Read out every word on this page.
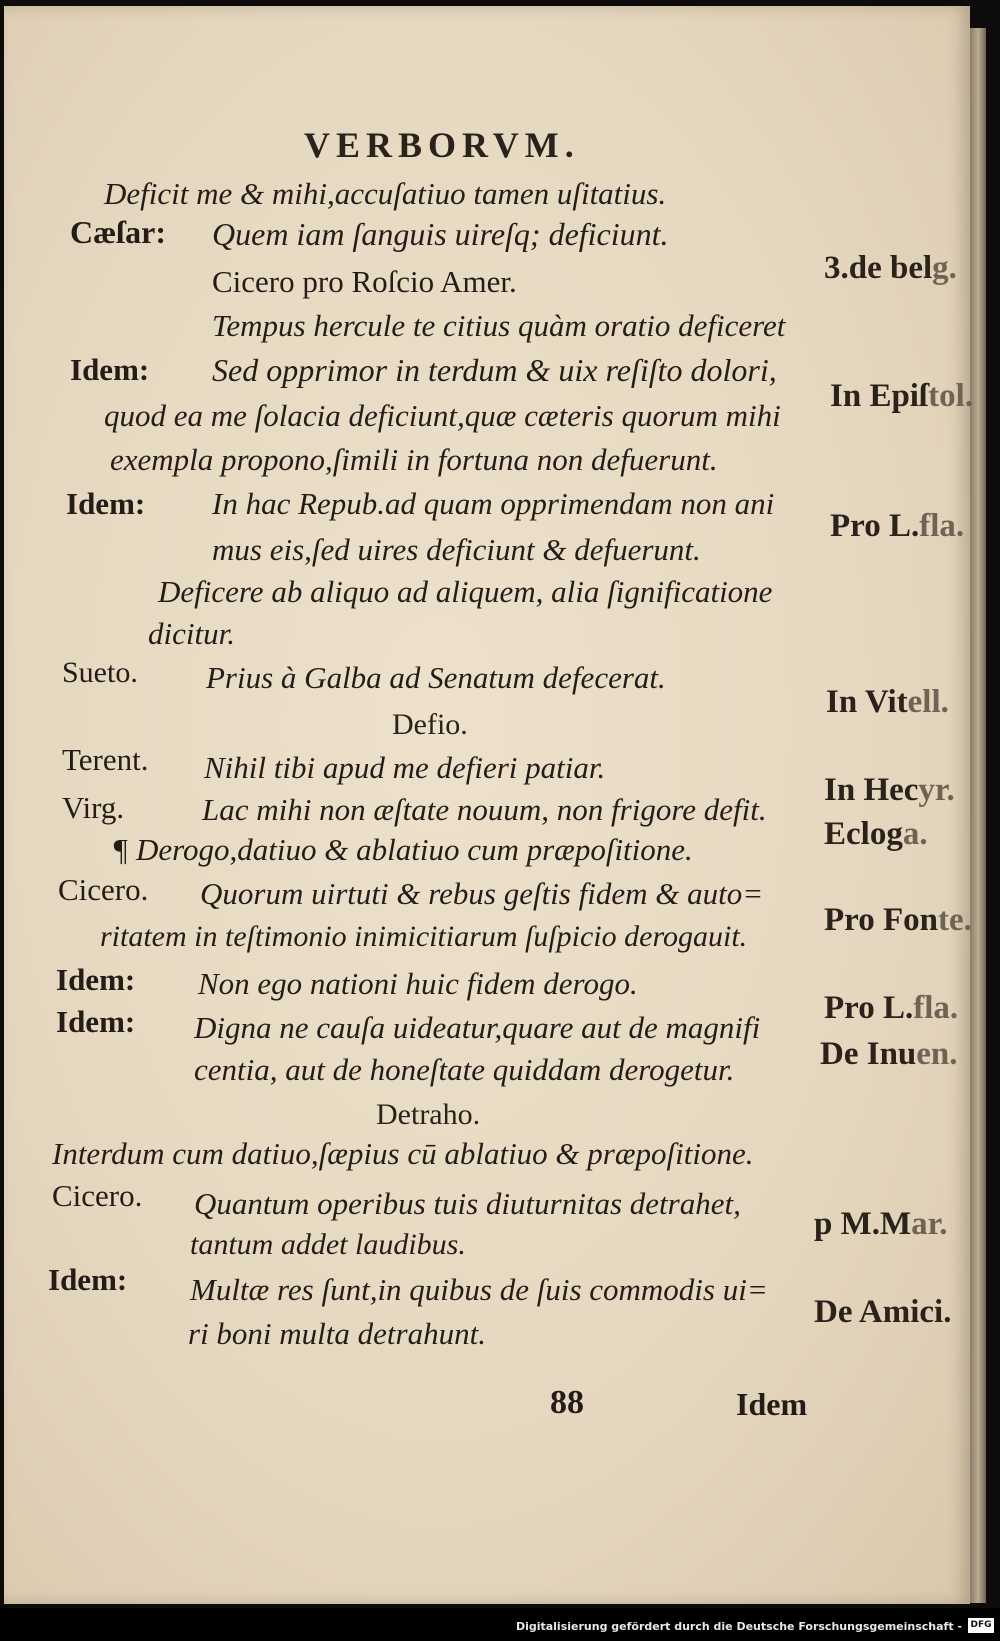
VERBORVM.
Deficit me & mihi,accuſatiuo tamen uſitatius.
Cæſar: Quem iam ſanguis uireſq; deficiunt.
Cicero pro Roſcio Amer.
Tempus hercule te citius quàm oratio deficeret
Idem: Sed opprimor in terdum & uix reſiſto dolori,
quod ea me ſolacia deficiunt,quæ cæteris quorum mihi
exempla propono,ſimili in fortuna non defuerunt.
Idem: In hac Repub.ad quam opprimendam non ani
mus eis,ſed uires deficiunt & defuerunt.
Deficere ab aliquo ad aliquem, alia ſignificatione
dicitur.
Sueto. Prius à Galba ad Senatum defecerat.
Defio.
Terent. Nihil tibi apud me defieri patiar.
Virg.	Lac mihi non æſtate nouum, non frigore defit.
¶ Derogo,datiuo & ablatiuo cum præpoſitione.
Cicero. Quorum uirtuti & rebus geſtis fidem & auto=
ritatem in teſtimonio inimicitiarum ſuſpicio derogauit.
Idem: Non ego nationi huic fidem derogo.
Idem: Digna ne cauſa uideatur,quare aut de magnifi
centia, aut de honeſtate quiddam derogetur.
Detraho.
Interdum cum datiuo,ſæpius cū ablatiuo & præpoſitione.
Cicero. Quantum operibus tuis diuturnitas detrahet,
tantum addet laudibus.
Idem: Multæ res ſunt,in quibus de ſuis commodis ui=
ri boni multa detrahunt.
3.de belg.
In Epiſtol.
Pro L.fla.
In Vitell.
In Hecyr.
Ecloga.
Pro Fonte.
Pro L.fla.
De Inuen.
p M.Mar.
De Amici.
88	Idem
Digitalisierung gefördert durch die Deutsche Forschungsgemeinschaft - DFG
